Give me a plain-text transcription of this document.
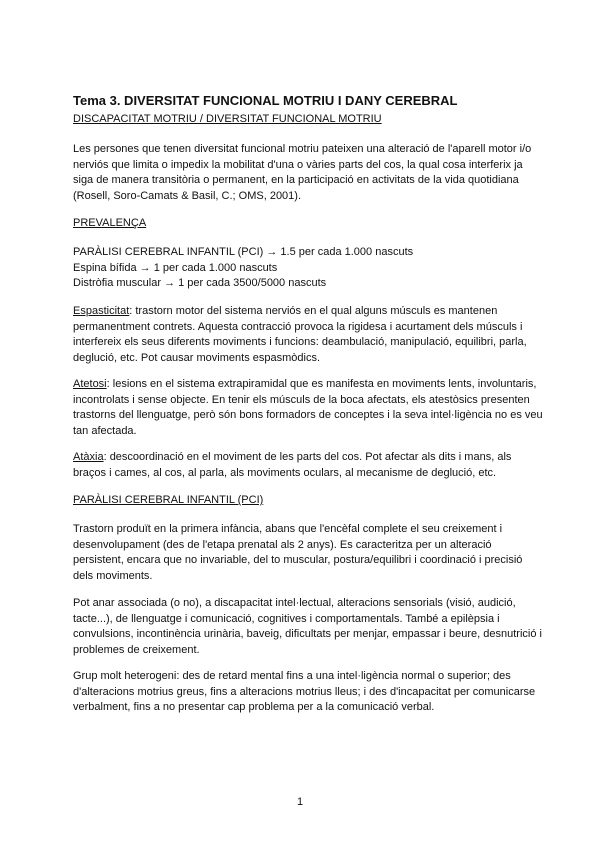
Tema 3. DIVERSITAT FUNCIONAL MOTRIU I DANY CEREBRAL
DISCAPACITAT MOTRIU / DIVERSITAT FUNCIONAL MOTRIU

Les persones que tenen diversitat funcional motriu pateixen una alteració de l'aparell motor i/o nerviós que limita o impedix la mobilitat d'una o vàries parts del cos, la qual cosa interferix ja siga de manera transitòria o permanent, en la participació en activitats de la vida quotidiana (Rosell, Soro-Camats & Basil, C.; OMS, 2001).

PREVALENÇA
PARÀLISI CEREBRAL INFANTIL (PCI) → 1.5 per cada 1.000 nascuts
Espina bífida → 1 per cada 1.000 nascuts
Distròfia muscular → 1 per cada 3500/5000 nascuts

Espasticitat: trastorn motor del sistema nerviós en el qual alguns músculs es mantenen permanentment contrets. Aquesta contracció provoca la rigidesa i acurtament dels músculs i interfereix els seus diferents moviments i funcions: deambulació, manipulació, equilibri, parla, deglució, etc. Pot causar moviments espasmòdics.

Atetosi: lesions en el sistema extrapiramidal que es manifesta en moviments lents, involuntaris, incontrolats i sense objecte. En tenir els músculs de la boca afectats, els atestòsics presenten trastorns del llenguatge, però són bons formadors de conceptes i la seva intel·ligència no es veu tan afectada.

Atàxia: descoordinació en el moviment de les parts del cos. Pot afectar als dits i mans, als braços i cames, al cos, al parla, als moviments oculars, al mecanisme de deglució, etc.

PARÀLISI CEREBRAL INFANTIL (PCI)

Trastorn produït en la primera infància, abans que l'encèfal complete el seu creixement i desenvolupament (des de l'etapa prenatal als 2 anys). Es caracteritza per un alteració persistent, encara que no invariable, del to muscular, postura/equilibri i coordinació i precisió dels moviments.

Pot anar associada (o no), a discapacitat intel·lectual, alteracions sensorials (visió, audició, tacte...), de llenguatge i comunicació, cognitives i comportamentals. També a epilèpsia i convulsions, incontinència urinària, baveig, dificultats per menjar, empassar i beure, desnutrició i problemes de creixement.

Grup molt heterogeni: des de retard mental fins a una intel·ligència normal o superior; des d'alteracions motrius greus, fins a alteracions motrius lleus; i des d'incapacitat per comunicarse verbalment, fins a no presentar cap problema per a la comunicació verbal.

1
